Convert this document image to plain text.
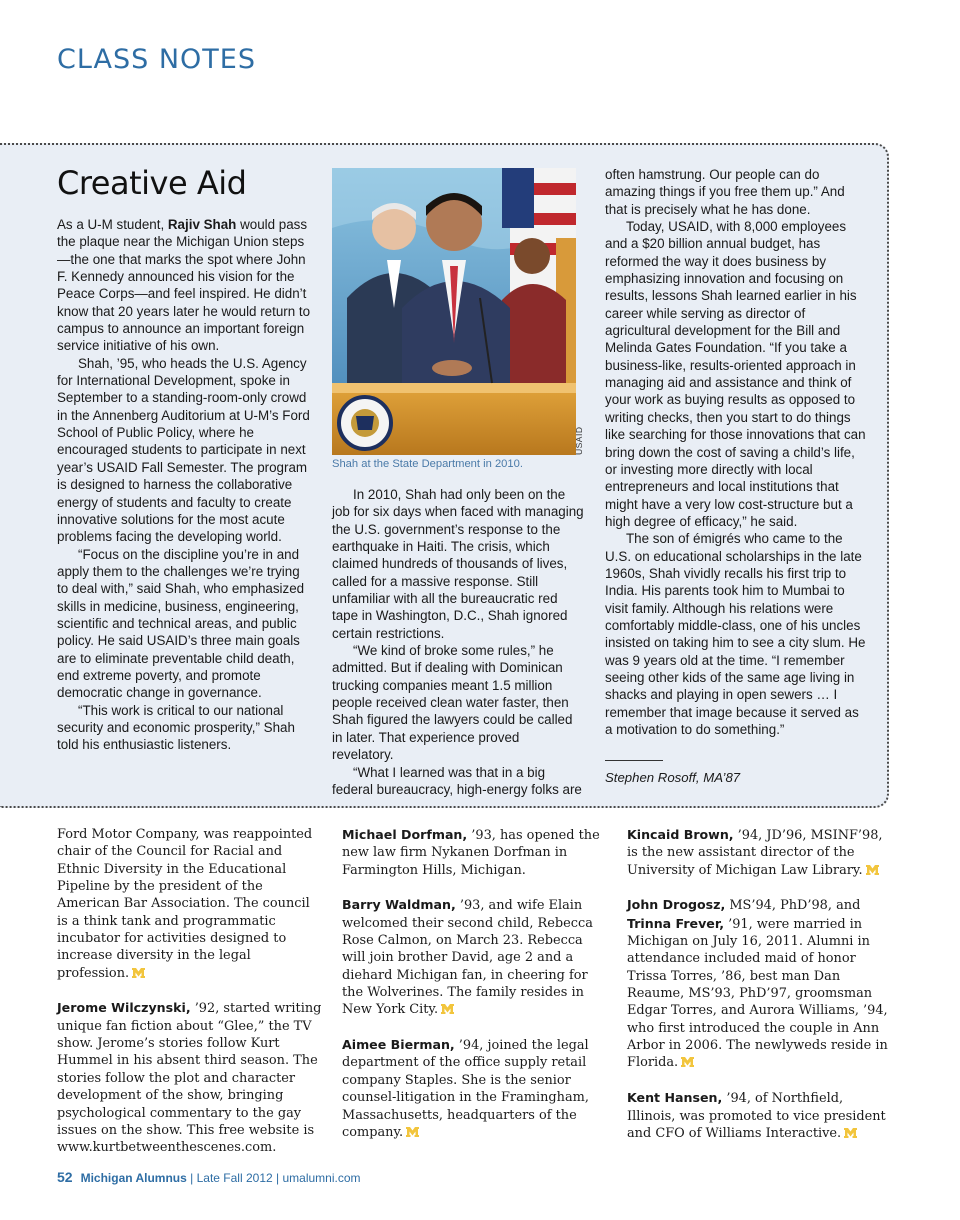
CLASS NOTES
Creative Aid

As a U-M student, Rajiv Shah would pass the plaque near the Michigan Union steps—the one that marks the spot where John F. Kennedy announced his vision for the Peace Corps—and feel inspired. He didn’t know that 20 years later he would return to campus to announce an important foreign service initiative of his own.

Shah, ’95, who heads the U.S. Agency for International Development, spoke in September to a standing-room-only crowd in the Annenberg Auditorium at U-M’s Ford School of Public Policy, where he encouraged students to participate in next year’s USAID Fall Semester. The program is designed to harness the collaborative energy of students and faculty to create innovative solutions for the most acute problems facing the developing world.

“Focus on the discipline you’re in and apply them to the challenges we’re trying to deal with,” said Shah, who emphasized skills in medicine, business, engineering, scientific and technical areas, and public policy. He said USAID’s three main goals are to eliminate preventable child death, end extreme poverty, and promote democratic change in governance.

“This work is critical to our national security and economic prosperity,” Shah told his enthusiastic listeners.

USAID
Shah at the State Department in 2010.

In 2010, Shah had only been on the job for six days when faced with managing the U.S. government’s response to the earthquake in Haiti. The crisis, which claimed hundreds of thousands of lives, called for a massive response. Still unfamiliar with all the bureaucratic red tape in Washington, D.C., Shah ignored certain restrictions.

“We kind of broke some rules,” he admitted. But if dealing with Dominican trucking companies meant 1.5 million people received clean water faster, then Shah figured the lawyers could be called in later. That experience proved revelatory.

“What I learned was that in a big federal bureaucracy, high-energy folks are

often hamstrung. Our people can do amazing things if you free them up.” And that is precisely what he has done.

Today, USAID, with 8,000 employees and a $20 billion annual budget, has reformed the way it does business by emphasizing innovation and focusing on results, lessons Shah learned earlier in his career while serving as director of agricultural development for the Bill and Melinda Gates Foundation. “If you take a business-like, results-oriented approach in managing aid and assistance and think of your work as buying results as opposed to writing checks, then you start to do things like searching for those innovations that can bring down the cost of saving a child’s life, or investing more directly with local entrepreneurs and local institutions that might have a very low cost-structure but a high degree of efficacy,” he said.

The son of émigrés who came to the U.S. on educational scholarships in the late 1960s, Shah vividly recalls his first trip to India. His parents took him to Mumbai to visit family. Although his relations were comfortably middle-class, one of his uncles insisted on taking him to see a city slum. He was 9 years old at the time. “I remember seeing other kids of the same age living in shacks and playing in open sewers … I remember that image because it served as a motivation to do something.”

Stephen Rosoff, MA’87

Ford Motor Company, was reappointed chair of the Council for Racial and Ethnic Diversity in the Educational Pipeline by the president of the American Bar Association. The council is a think tank and programmatic incubator for activities designed to increase diversity in the legal profession.

Jerome Wilczynski, ’92, started writing unique fan fiction about “Glee,” the TV show. Jerome’s stories follow Kurt Hummel in his absent third season. The stories follow the plot and character development of the show, bringing psychological commentary to the gay issues on the show. This free website is www.kurtbetweenthescenes.com.

Michael Dorfman, ’93, has opened the new law firm Nykanen Dorfman in Farmington Hills, Michigan.

Barry Waldman, ’93, and wife Elain welcomed their second child, Rebecca Rose Calmon, on March 23. Rebecca will join brother David, age 2 and a diehard Michigan fan, in cheering for the Wolverines. The family resides in New York City.

Aimee Bierman, ’94, joined the legal department of the office supply retail company Staples. She is the senior counsel-litigation in the Framingham, Massachusetts, headquarters of the company.

Kincaid Brown, ’94, JD’96, MSINF’98, is the new assistant director of the University of Michigan Law Library.

John Drogosz, MS’94, PhD’98, and Trinna Frever, ’91, were married in Michigan on July 16, 2011. Alumni in attendance included maid of honor Trissa Torres, ’86, best man Dan Reaume, MS’93, PhD’97, groomsman Edgar Torres, and Aurora Williams, ’94, who first introduced the couple in Ann Arbor in 2006. The newlyweds reside in Florida.

Kent Hansen, ’94, of Northfield, Illinois, was promoted to vice president and CFO of Williams Interactive.

52 Michigan Alumnus | Late Fall 2012 | umalumni.com
